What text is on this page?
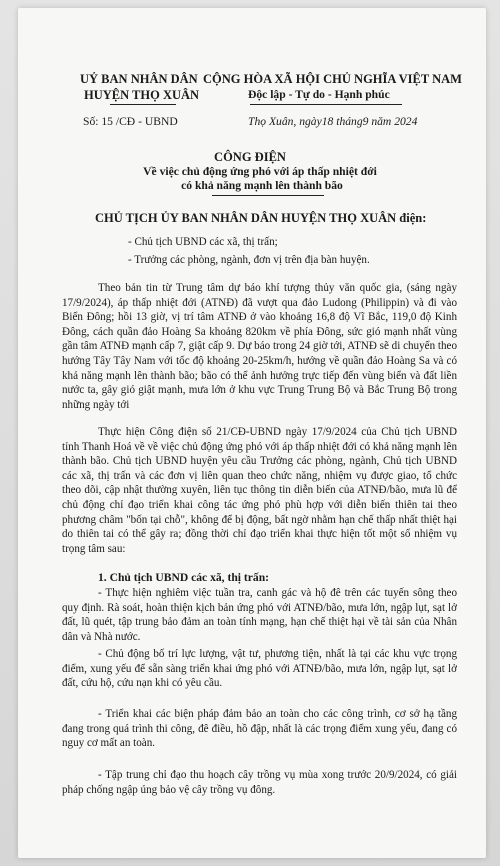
UỶ BAN NHÂN DÂN
HUYỆN THỌ XUÂN
CỘNG HÒA XÃ HỘI CHỦ NGHĨA VIỆT NAM
Độc lập - Tự do - Hạnh phúc
Số: 15 /CĐ - UBND	Thọ Xuân, ngày18 tháng9 năm 2024
CÔNG ĐIỆN
Về việc chủ động ứng phó với áp thấp nhiệt đới
có khả năng mạnh lên thành bão
CHỦ TỊCH ỦY BAN NHÂN DÂN HUYỆN THỌ XUÂN điện:
- Chủ tịch UBND các xã, thị trấn;
- Trưởng các phòng, ngành, đơn vị trên địa bàn huyện.
Theo bản tin từ Trung tâm dự báo khí tượng thủy văn quốc gia, (sáng ngày 17/9/2024), áp thấp nhiệt đới (ATNĐ) đã vượt qua đảo Ludong (Philippin) và đi vào Biển Đông; hồi 13 giờ, vị trí tâm ATNĐ ở vào khoảng 16,8 độ Vĩ Bắc, 119,0 độ Kinh Đông, cách quần đảo Hoàng Sa khoảng 820km về phía Đông, sức gió mạnh nhất vùng gần tâm ATNĐ mạnh cấp 7, giật cấp 9. Dự báo trong 24 giờ tới, ATNĐ sẽ di chuyển theo hướng Tây Tây Nam với tốc độ khoảng 20-25km/h, hướng về quần đảo Hoàng Sa và có khả năng mạnh lên thành bão; bão có thể ảnh hưởng trực tiếp đến vùng biển và đất liền nước ta, gây gió giật mạnh, mưa lớn ở khu vực Trung Trung Bộ và Bắc Trung Bộ trong những ngày tới
Thực hiện Công điện số 21/CĐ-UBND ngày 17/9/2024 của Chủ tịch UBND tỉnh Thanh Hoá về về việc chủ động ứng phó với áp thấp nhiệt đới có khả năng mạnh lên thành bão. Chủ tịch UBND huyện yêu cầu Trưởng các phòng, ngành, Chủ tịch UBND các xã, thị trấn và các đơn vị liên quan theo chức năng, nhiệm vụ được giao, tổ chức theo dõi, cập nhật thường xuyên, liên tục thông tin diễn biến của ATNĐ/bão, mưa lũ để chủ động chỉ đạo triển khai công tác ứng phó phù hợp với diễn biến thiên tai theo phương châm "bốn tại chỗ", không để bị động, bất ngờ nhằm hạn chế thấp nhất thiệt hại do thiên tai có thể gây ra; đồng thời chỉ đạo triển khai thực hiện tốt một số nhiệm vụ trọng tâm sau:
1. Chủ tịch UBND các xã, thị trấn:
- Thực hiện nghiêm việc tuần tra, canh gác và hộ đê trên các tuyến sông theo quy định. Rà soát, hoàn thiện kịch bản ứng phó với ATNĐ/bão, mưa lớn, ngập lụt, sạt lở đất, lũ quét, tập trung bảo đảm an toàn tính mạng, hạn chế thiệt hại về tài sản của Nhân dân và Nhà nước.
- Chủ động bố trí lực lượng, vật tư, phương tiện, nhất là tại các khu vực trọng điểm, xung yếu để sẵn sàng triển khai ứng phó với ATNĐ/bão, mưa lớn, ngập lụt, sạt lở đất, cứu hộ, cứu nạn khi có yêu cầu.
- Triển khai các biện pháp đảm bảo an toàn cho các công trình, cơ sở hạ tầng đang trong quá trình thi công, đê điều, hồ đập, nhất là các trọng điểm xung yếu, đang có nguy cơ mất an toàn.
- Tập trung chỉ đạo thu hoạch cây trồng vụ mùa xong trước 20/9/2024, có giải pháp chống ngập úng bảo vệ cây trồng vụ đông.
